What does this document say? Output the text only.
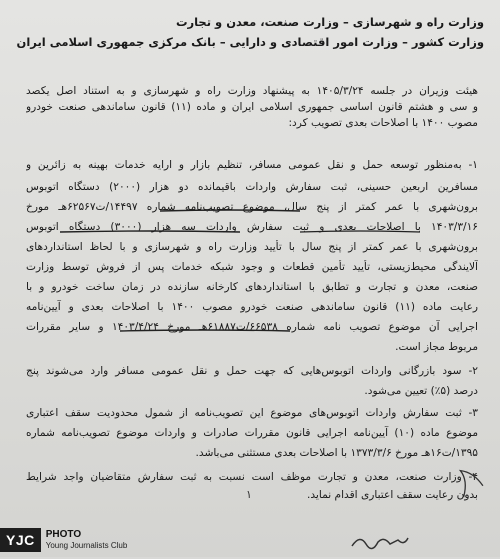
وزارت راه و شهرسازی – وزارت صنعت، معدن و تجارت
وزارت کشور – وزارت امور اقتصادی و دارایی – بانک مرکزی جمهوری اسلامی ایران
هیئت وزیران در جلسه ۱۴۰۵/۳/۲۴ به پیشنهاد وزارت راه و شهرسازی و به استناد اصل یکصد
و سی و هشتم قانون اساسی جمهوری اسلامی ایران و ماده (۱۱) قانون ساماندهی صنعت خودرو
مصوب ۱۴۰۰ با اصلاحات بعدی تصویب کرد:
۱- به‌منظور توسعه حمل و نقل عمومی مسافر، تنظیم بازار و ارایه خدمات بهینه به زائرین و
مسافرین اربعین حسینی، ثبت سفارش واردات باقیمانده دو هزار (۲۰۰۰) دستگاه اتوبوس
برون‌شهری با عمر کمتر از پنج سال، موضوع تصویب‌نامه شماره ۱۴۴۹۷/ت۶۲۵۶۷هـ مورخ
۱۴۰۳/۳/۱۶ با اصلاحات بعدی و ثبت سفارش واردات سه هزار (۳۰۰۰) دستگاه اتوبوس
برون‌شهری با عمر کمتر از پنج سال با تأیید وزارت راه و شهرسازی و با لحاظ استانداردهای
آلایندگی محیط‌زیستی، تأیید تأمین قطعات و وجود شبکه خدمات پس از فروش توسط وزارت
صنعت، معدن و تجارت و تطابق با استانداردهای کارخانه سازنده در زمان ساخت خودرو و با
رعایت ماده (۱۱) قانون ساماندهی صنعت خودرو مصوب ۱۴۰۰ با اصلاحات بعدی و آیین‌نامه
اجرایی آن موضوع تصویب نامه شماره ۶۶۵۳۸/ت۶۱۸۸۷هـ مورخ ۱۴۰۳/۴/۲۴ و سایر مقررات
مربوط مجاز است.
۲- سود بازرگانی واردات اتوبوس‌هایی که جهت حمل و نقل عمومی مسافر وارد می‌شوند پنج
درصد (۵٪) تعیین می‌شود.
۳- ثبت سفارش واردات اتوبوس‌های موضوع این تصویب‌نامه از شمول محدودیت سقف اعتباری
موضوع ماده (۱۰) آیین‌نامه اجرایی قانون مقررات صادرات و واردات موضوع تصویب‌نامه شماره
۱۳۹۵/ت۱۶هـ مورخ ۱۳۷۳/۳/۶ با اصلاحات بعدی مستثنی می‌باشد.
۴- وزارت صنعت، معدن و تجارت موظف است نسبت به ثبت سفارش متقاضیان واجد شرایط
بدون رعایت سقف اعتباری اقدام نماید.
۱
YJC	PHOTO
Young Journalists Club
